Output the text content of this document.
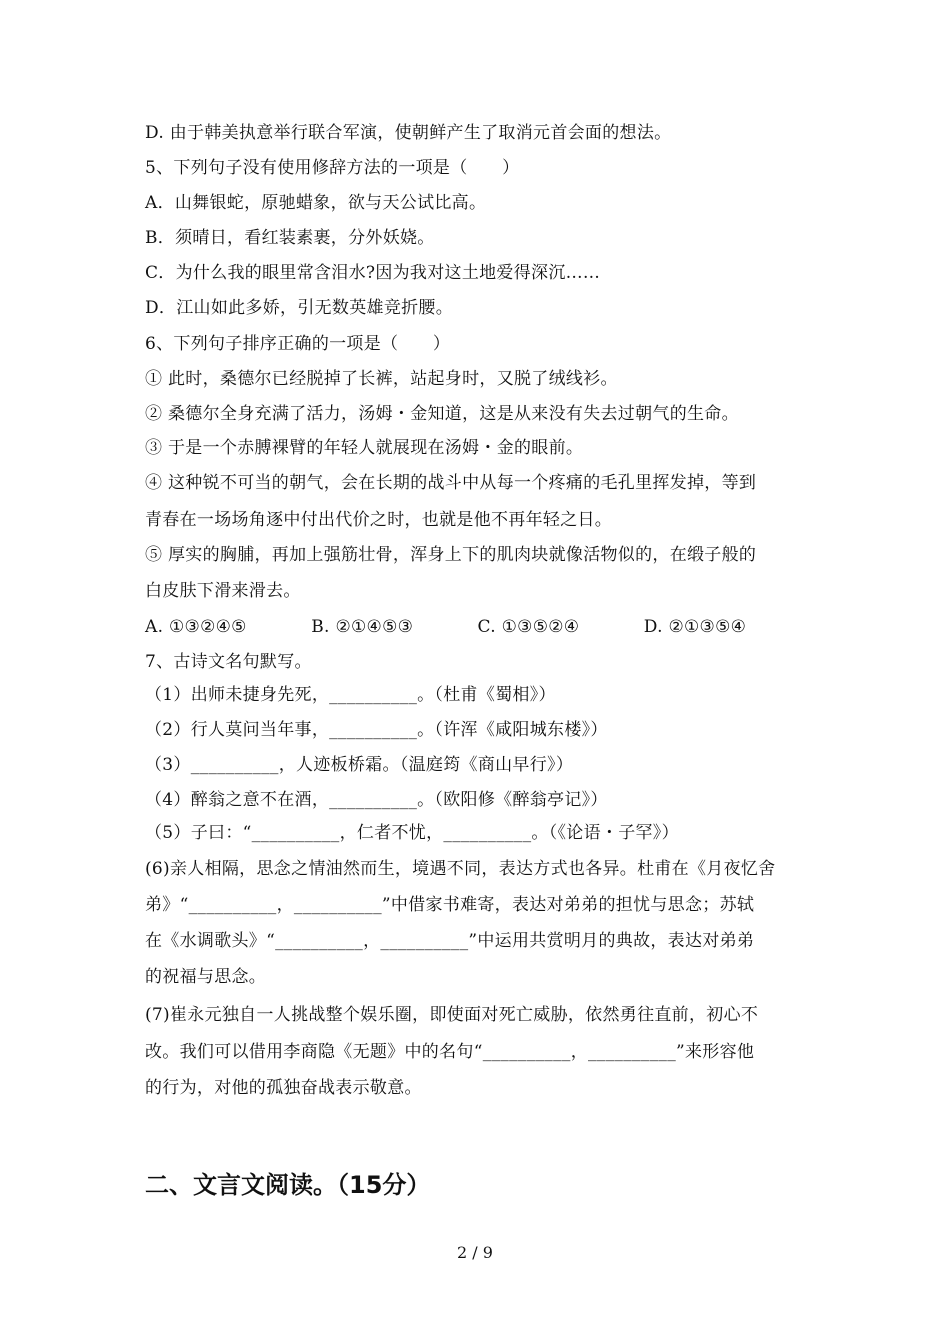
D. 由于韩美执意举行联合军演，使朝鲜产生了取消元首会面的想法。
5、下列句子没有使用修辞方法的一项是（　　）
A．山舞银蛇，原驰蜡象，欲与天公试比高。
B．须晴日，看红装素裹，分外妖娆。
C．为什么我的眼里常含泪水?因为我对这土地爱得深沉……
D．江山如此多娇，引无数英雄竞折腰。
6、下列句子排序正确的一项是（　　）
① 此时，桑德尔已经脱掉了长裤，站起身时，又脱了绒线衫。
② 桑德尔全身充满了活力，汤姆・金知道，这是从来没有失去过朝气的生命。
③ 于是一个赤膊裸臂的年轻人就展现在汤姆・金的眼前。
④ 这种锐不可当的朝气，会在长期的战斗中从每一个疼痛的毛孔里挥发掉，等到
青春在一场场角逐中付出代价之时，也就是他不再年轻之日。
⑤ 厚实的胸脯，再加上强筋壮骨，浑身上下的肌肉块就像活物似的，在缎子般的
白皮肤下滑来滑去。
A. ①③②④⑤	B. ②①④⑤③	C. ①③⑤②④	D. ②①③⑤④
7、古诗文名句默写。
（1）出师未捷身先死，__________。（杜甫《蜀相》）
（2）行人莫问当年事，__________。（许浑《咸阳城东楼》）
（3）__________，人迹板桥霜。（温庭筠《商山早行》）
（4）醉翁之意不在酒，__________。（欧阳修《醉翁亭记》）
（5）子曰：“__________，仁者不忧，__________。（《论语・子罕》）
(6)亲人相隔，思念之情油然而生，境遇不同，表达方式也各异。杜甫在《月夜忆舍
弟》“__________，__________”中借家书难寄，表达对弟弟的担忧与思念；苏轼
在《水调歌头》“__________，__________”中运用共赏明月的典故，表达对弟弟
的祝福与思念。
(7)崔永元独自一人挑战整个娱乐圈，即使面对死亡威胁，依然勇往直前，初心不
改。我们可以借用李商隐《无题》中的名句“__________，__________”来形容他
的行为，对他的孤独奋战表示敬意。
二、文言文阅读。（15分）
2 / 9
